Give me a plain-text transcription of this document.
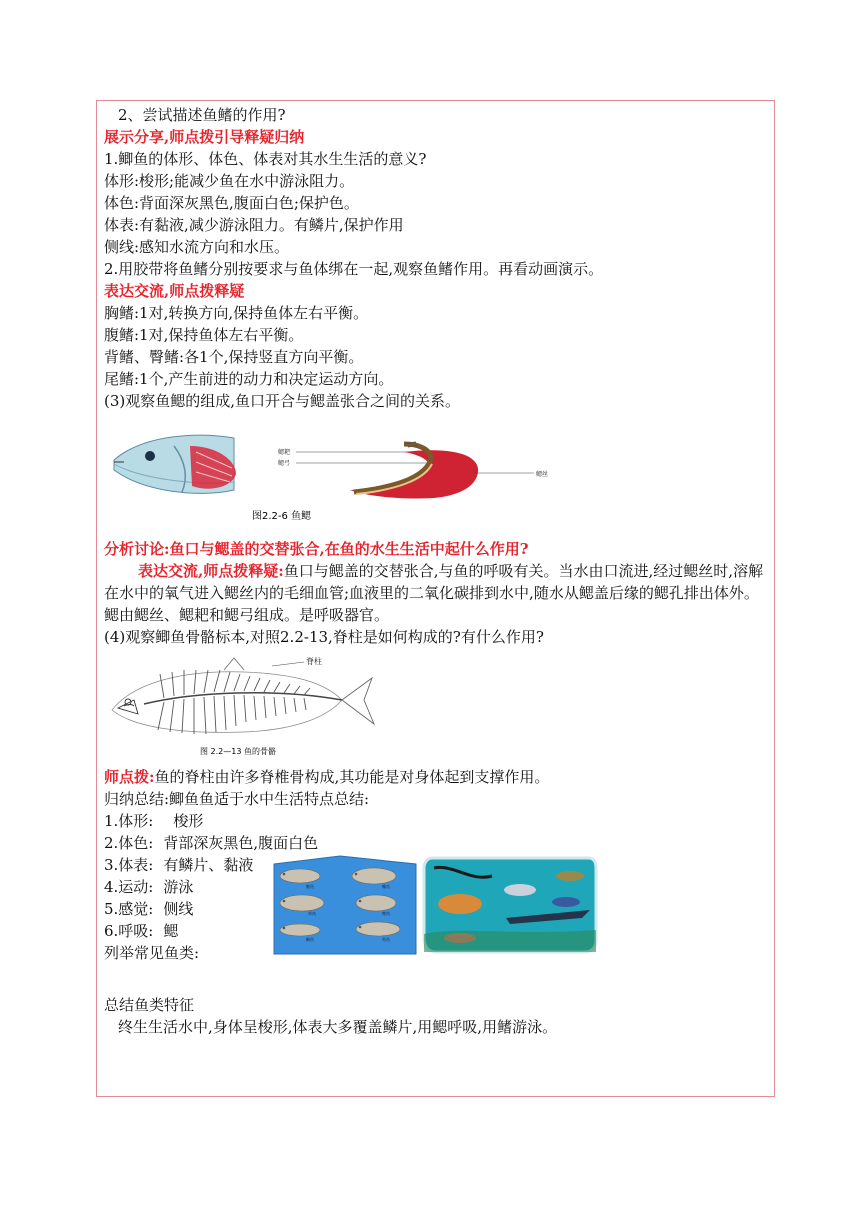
2、尝试描述鱼鳍的作用?
展示分享,师点拨引导释疑归纳
1.鲫鱼的体形、体色、体表对其水生生活的意义?
体形:梭形;能减少鱼在水中游泳阻力。
体色:背面深灰黑色,腹面白色;保护色。
体表:有黏液,减少游泳阻力。有鳞片,保护作用
侧线:感知水流方向和水压。
2.用胶带将鱼鳍分别按要求与鱼体绑在一起,观察鱼鳍作用。再看动画演示。
表达交流,师点拨释疑
胸鳍:1对,转换方向,保持鱼体左右平衡。
腹鳍:1对,保持鱼体左右平衡。
背鳍、臀鳍:各1个,保持竖直方向平衡。
尾鳍:1个,产生前进的动力和决定运动方向。
(3)观察鱼鳃的组成,鱼口开合与鳃盖张合之间的关系。
鳃耙
鳃弓
鳃丝
图2.2-6 鱼鳃
分析讨论:鱼口与鳃盖的交替张合,在鱼的水生生活中起什么作用?
表达交流,师点拨释疑:鱼口与鳃盖的交替张合,与鱼的呼吸有关。当水由口流进,经过鳃丝时,溶解在水中的氧气进入鳃丝内的毛细血管;血液里的二氧化碳排到水中,随水从鳃盖后缘的鳃孔排出体外。鳃由鳃丝、鳃耙和鳃弓组成。是呼吸器官。
(4)观察鲫鱼骨骼标本,对照2.2-13,脊柱是如何构成的?有什么作用?
脊柱
图 2.2—13 鱼的骨骼
师点拨:鱼的脊柱由许多脊椎骨构成,其功能是对身体起到支撑作用。
归纳总结:鲫鱼鱼适于水中生活特点总结:
1.体形: 梭形
2.体色: 背部深灰黑色,腹面白色
3.体表: 有鳞片、黏液
4.运动: 游泳
5.感觉: 侧线
6.呼吸: 鳃
列举常见鱼类:
鲢鱼	鳙鱼
草鱼	鲤鱼
鲫鱼	带鱼
总结鱼类特征
终生生活水中,身体呈梭形,体表大多覆盖鳞片,用鳃呼吸,用鳍游泳。
